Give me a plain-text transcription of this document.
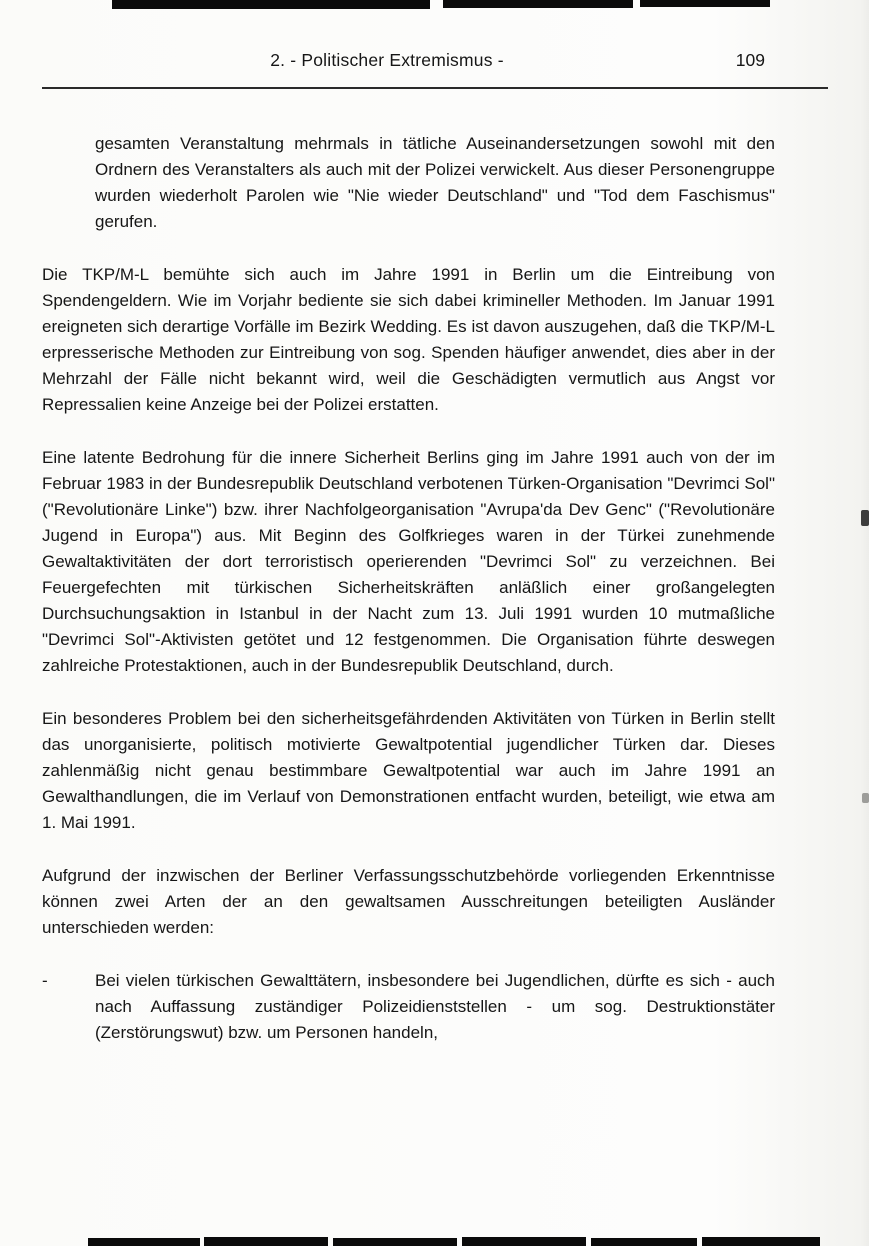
2. - Politischer Extremismus -	109

gesamten Veranstaltung mehrmals in tätliche Auseinandersetzungen sowohl mit den Ordnern des Veranstalters als auch mit der Polizei verwickelt. Aus dieser Personengruppe wurden wiederholt Parolen wie "Nie wieder Deutschland" und "Tod dem Faschismus" gerufen.

Die TKP/M-L bemühte sich auch im Jahre 1991 in Berlin um die Eintreibung von Spendengeldern. Wie im Vorjahr bediente sie sich dabei krimineller Methoden. Im Januar 1991 ereigneten sich derartige Vorfälle im Bezirk Wedding. Es ist davon auszugehen, daß die TKP/M-L erpresserische Methoden zur Eintreibung von sog. Spenden häufiger anwendet, dies aber in der Mehrzahl der Fälle nicht bekannt wird, weil die Geschädigten vermutlich aus Angst vor Repressalien keine Anzeige bei der Polizei erstatten.

Eine latente Bedrohung für die innere Sicherheit Berlins ging im Jahre 1991 auch von der im Februar 1983 in der Bundesrepublik Deutschland verbotenen Türken-Organisation "Devrimci Sol" ("Revolutionäre Linke") bzw. ihrer Nachfolgeorganisation "Avrupa'da Dev Genc" ("Revolutionäre Jugend in Europa") aus. Mit Beginn des Golfkrieges waren in der Türkei zunehmende Gewaltaktivitäten der dort terroristisch operierenden "Devrimci Sol" zu verzeichnen. Bei Feuergefechten mit türkischen Sicherheitskräften anläßlich einer großangelegten Durchsuchungsaktion in Istanbul in der Nacht zum 13. Juli 1991 wurden 10 mutmaßliche "Devrimci Sol"-Aktivisten getötet und 12 festgenommen. Die Organisation führte deswegen zahlreiche Protestaktionen, auch in der Bundesrepublik Deutschland, durch.

Ein besonderes Problem bei den sicherheitsgefährdenden Aktivitäten von Türken in Berlin stellt das unorganisierte, politisch motivierte Gewaltpotential jugendlicher Türken dar. Dieses zahlenmäßig nicht genau bestimmbare Gewaltpotential war auch im Jahre 1991 an Gewalthandlungen, die im Verlauf von Demonstrationen entfacht wurden, beteiligt, wie etwa am 1. Mai 1991.

Aufgrund der inzwischen der Berliner Verfassungsschutzbehörde vorliegenden Erkenntnisse können zwei Arten der an den gewaltsamen Ausschreitungen beteiligten Ausländer unterschieden werden:

-	Bei vielen türkischen Gewalttätern, insbesondere bei Jugendlichen, dürfte es sich - auch nach Auffassung zuständiger Polizeidienststellen - um sog. Destruktionstäter (Zerstörungswut) bzw. um Personen handeln,
